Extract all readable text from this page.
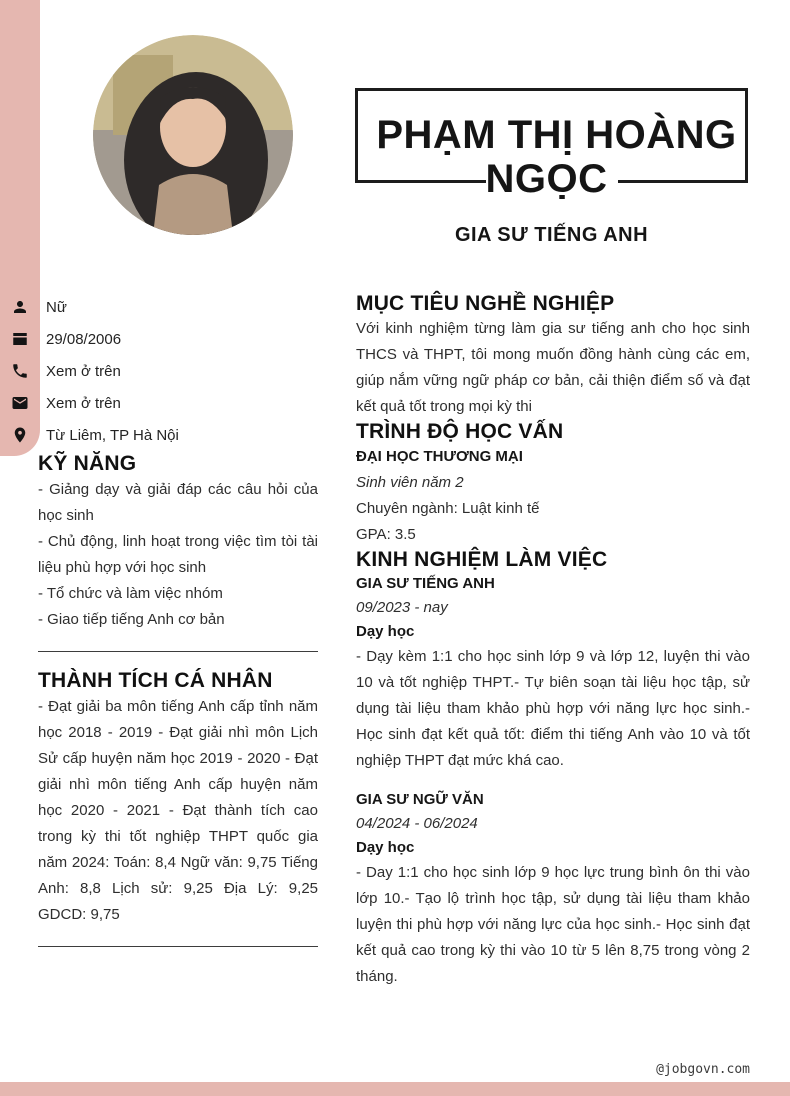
PHẠM THỊ HOÀNG NGỌC
GIA SƯ TIẾNG ANH
Nữ
29/08/2006
Xem ở trên
Xem ở trên
Từ Liêm, TP Hà Nội
KỸ NĂNG

- Giảng dạy và giải đáp các câu hỏi của học sinh

- Chủ động, linh hoạt trong việc tìm tòi tài liệu phù hợp với học sinh

- Tổ chức và làm việc nhóm

- Giao tiếp tiếng Anh cơ bản

THÀNH TÍCH CÁ NHÂN

- Đạt giải ba môn tiếng Anh cấp tỉnh năm học 2018 - 2019 - Đạt giải nhì môn Lịch Sử cấp huyện năm học 2019 - 2020 - Đạt giải nhì môn tiếng Anh cấp huyện năm học 2020 - 2021 - Đạt thành tích cao trong kỳ thi tốt nghiệp THPT quốc gia năm 2024: Toán: 8,4 Ngữ văn: 9,75 Tiếng Anh: 8,8 Lịch sử: 9,25 Địa Lý: 9,25 GDCD: 9,75

MỤC TIÊU NGHỀ NGHIỆP

Với kinh nghiệm từng làm gia sư tiếng anh cho học sinh THCS và THPT, tôi mong muốn đồng hành cùng các em, giúp nắm vững ngữ pháp cơ bản, cải thiện điểm số và đạt kết quả tốt trong mọi kỳ thi

TRÌNH ĐỘ HỌC VẤN
ĐẠI HỌC THƯƠNG MẠI
Sinh viên năm 2
Chuyên ngành: Luật kinh tế
GPA: 3.5
KINH NGHIỆM LÀM VIỆC
GIA SƯ TIẾNG ANH
09/2023 - nay
Dạy học

- Dạy kèm 1:1 cho học sinh lớp 9 và lớp 12, luyện thi vào 10 và tốt nghiệp THPT.- Tự biên soạn tài liệu học tập, sử dụng tài liệu tham khảo phù hợp với năng lực học sinh.- Học sinh đạt kết quả tốt: điểm thi tiếng Anh vào 10 và tốt nghiệp THPT đạt mức khá cao.

GIA SƯ NGỮ VĂN
04/2024 - 06/2024
Dạy học

- Day 1:1 cho học sinh lớp 9 học lực trung bình ôn thi vào lớp 10.- Tạo lộ trình học tập, sử dụng tài liệu tham khảo luyện thi phù hợp với năng lực của học sinh.- Học sinh đạt kết quả cao trong kỳ thi vào 10 từ 5 lên 8,75 trong vòng 2 tháng.

@jobgovn.com
